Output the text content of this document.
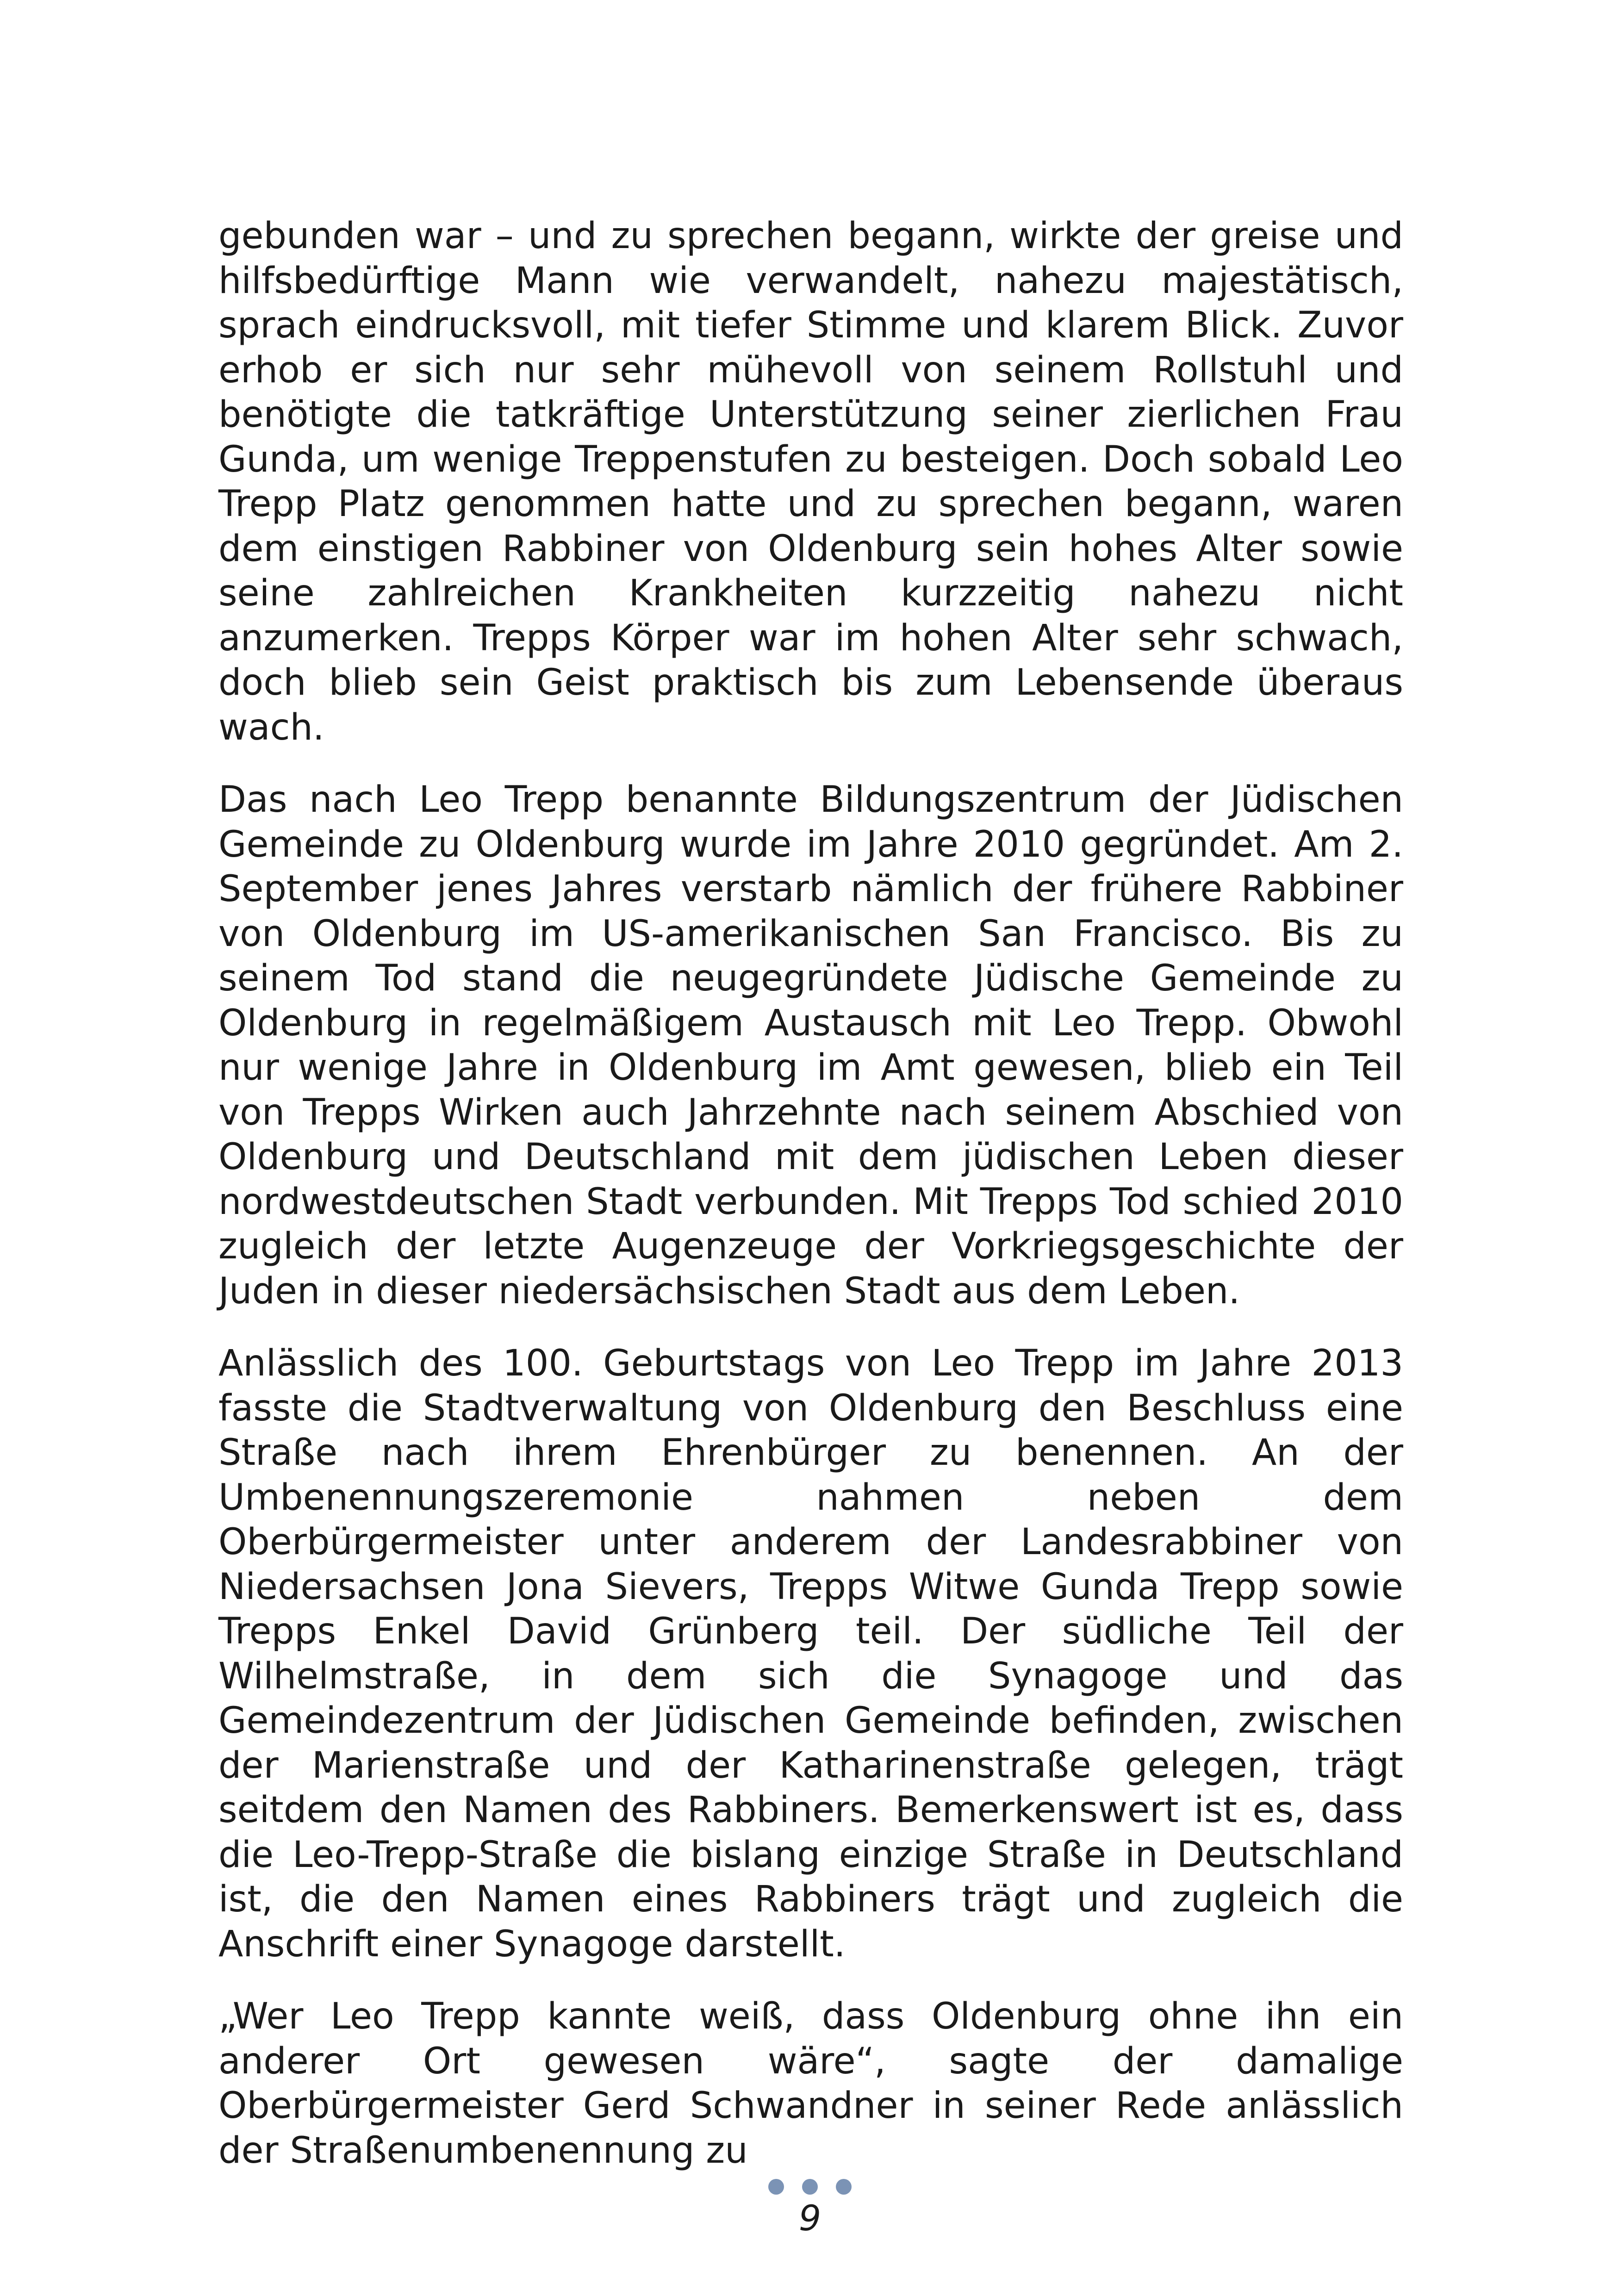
gebunden war – und zu sprechen begann, wirkte der greise und hilfsbedürftige Mann wie verwandelt, nahezu majestätisch, sprach eindrucksvoll, mit tiefer Stimme und klarem Blick. Zuvor erhob er sich nur sehr mühevoll von seinem Rollstuhl und benötigte die tatkräftige Unterstützung seiner zierlichen Frau Gunda, um wenige Treppenstufen zu besteigen. Doch sobald Leo Trepp Platz genommen hatte und zu sprechen begann, waren dem einstigen Rabbiner von Oldenburg sein hohes Alter sowie seine zahlreichen Krankheiten kurzzeitig nahezu nicht anzumerken. Trepps Körper war im hohen Alter sehr schwach, doch blieb sein Geist praktisch bis zum Lebensende überaus wach.

Das nach Leo Trepp benannte Bildungszentrum der Jüdischen Gemeinde zu Oldenburg wurde im Jahre 2010 gegründet. Am 2. September jenes Jahres verstarb nämlich der frühere Rabbiner von Oldenburg im US-amerikanischen San Francisco. Bis zu seinem Tod stand die neugegründete Jüdische Gemeinde zu Oldenburg in regelmäßigem Austausch mit Leo Trepp. Obwohl nur wenige Jahre in Oldenburg im Amt gewesen, blieb ein Teil von Trepps Wirken auch Jahrzehnte nach seinem Abschied von Oldenburg und Deutschland mit dem jüdischen Leben dieser nordwestdeutschen Stadt verbunden. Mit Trepps Tod schied 2010 zugleich der letzte Augenzeuge der Vorkriegsgeschichte der Juden in dieser niedersächsischen Stadt aus dem Leben.

Anlässlich des 100. Geburtstags von Leo Trepp im Jahre 2013 fasste die Stadtverwaltung von Oldenburg den Beschluss eine Straße nach ihrem Ehrenbürger zu benennen. An der Umbenennungszeremonie nahmen neben dem Oberbürgermeister unter anderem der Landesrabbiner von Niedersachsen Jona Sievers, Trepps Witwe Gunda Trepp sowie Trepps Enkel David Grünberg teil. Der südliche Teil der Wilhelmstraße, in dem sich die Synagoge und das Gemeindezentrum der Jüdischen Gemeinde befinden, zwischen der Marienstraße und der Katharinenstraße gelegen, trägt seitdem den Namen des Rabbiners. Bemerkenswert ist es, dass die Leo-Trepp-Straße die bislang einzige Straße in Deutschland ist, die den Namen eines Rabbiners trägt und zugleich die Anschrift einer Synagoge darstellt.

„Wer Leo Trepp kannte weiß, dass Oldenburg ohne ihn ein anderer Ort gewesen wäre“, sagte der damalige Oberbürgermeister Gerd Schwandner in seiner Rede anlässlich der Straßenumbenennung zu

9
